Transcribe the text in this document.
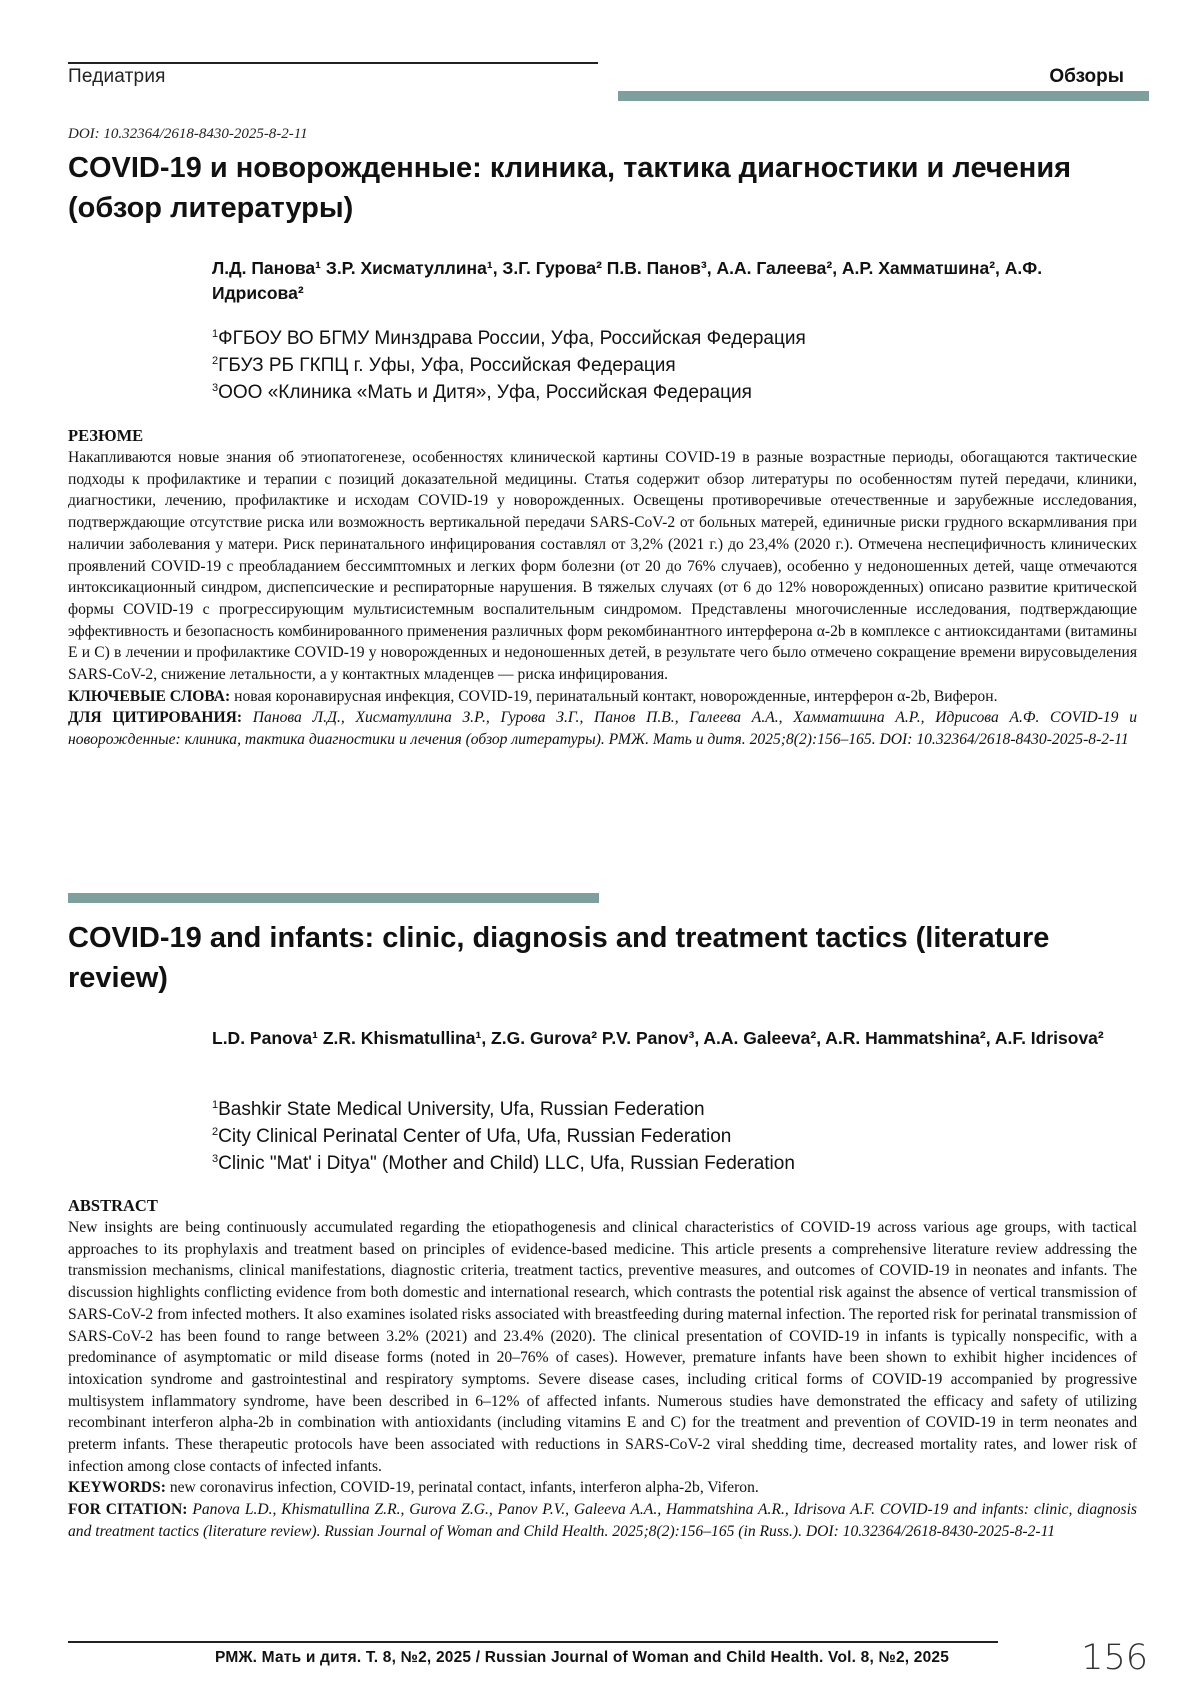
Педиатрия	Обзоры
DOI: 10.32364/2618-8430-2025-8-2-11
COVID-19 и новорожденные: клиника, тактика диагностики и лечения (обзор литературы)
Л.Д. Панова¹ З.Р. Хисматуллина¹, З.Г. Гурова² П.В. Панов³, А.А. Галеева², А.Р. Хамматшина², А.Ф. Идрисова²
$^1$ФГБОУ ВО БГМУ Минздрава России, Уфа, Российская Федерация
$^2$ГБУЗ РБ ГКПЦ г. Уфы, Уфа, Российская Федерация
$^3$ООО «Клиника «Мать и Дитя», Уфа, Российская Федерация
РЕЗЮМЕ
Накапливаются новые знания об этиопатогенезе, особенностях клинической картины COVID-19 в разные возрастные периоды, обогащаются тактические подходы к профилактике и терапии с позиций доказательной медицины. Статья содержит обзор литературы по особенностям путей передачи, клиники, диагностики, лечению, профилактике и исходам COVID-19 у новорожденных. Освещены противоречивые отечественные и зарубежные исследования, подтверждающие отсутствие риска или возможность вертикальной передачи SARS-CoV-2 от больных матерей, единичные риски грудного вскармливания при наличии заболевания у матери. Риск перинатального инфицирования составлял от 3,2% (2021 г.) до 23,4% (2020 г.). Отмечена неспецифичность клинических проявлений COVID-19 с преобладанием бессимптомных и легких форм болезни (от 20 до 76% случаев), особенно у недоношенных детей, чаще отмечаются интоксикационный синдром, диспепсические и респираторные нарушения. В тяжелых случаях (от 6 до 12% новорожденных) описано развитие критической формы COVID-19 с прогрессирующим мультисистемным воспалительным синдромом. Представлены многочисленные исследования, подтверждающие эффективность и безопасность комбинированного применения различных форм рекомбинантного интерферона α-2b в комплексе с антиоксидантами (витамины Е и С) в лечении и профилактике COVID-19 у новорожденных и недоношенных детей, в результате чего было отмечено сокращение времени вирусовыделения SARS-CoV-2, снижение летальности, а у контактных младенцев — риска инфицирования.
КЛЮЧЕВЫЕ СЛОВА: новая коронавирусная инфекция, COVID-19, перинатальный контакт, новорожденные, интерферон α-2b, Виферон.
ДЛЯ ЦИТИРОВАНИЯ: Панова Л.Д., Хисматуллина З.Р., Гурова З.Г., Панов П.В., Галеева А.А., Хамматшина А.Р., Идрисова А.Ф. COVID-19 и новорожденные: клиника, тактика диагностики и лечения (обзор литературы). РМЖ. Мать и дитя. 2025;8(2):156–165. DOI: 10.32364/2618-8430-2025-8-2-11
COVID-19 and infants: clinic, diagnosis and treatment tactics (literature review)
L.D. Panova¹ Z.R. Khismatullina¹, Z.G. Gurova² P.V. Panov³, A.A. Galeeva², A.R. Hammatshina², A.F. Idrisova²
$^1$Bashkir State Medical University, Ufa, Russian Federation
$^2$City Clinical Perinatal Center of Ufa, Ufa, Russian Federation
$^3$Clinic "Mat' i Ditya" (Mother and Child) LLC, Ufa, Russian Federation
ABSTRACT
New insights are being continuously accumulated regarding the etiopathogenesis and clinical characteristics of COVID-19 across various age groups, with tactical approaches to its prophylaxis and treatment based on principles of evidence-based medicine. This article presents a comprehensive literature review addressing the transmission mechanisms, clinical manifestations, diagnostic criteria, treatment tactics, preventive measures, and outcomes of COVID-19 in neonates and infants. The discussion highlights conflicting evidence from both domestic and international research, which contrasts the potential risk against the absence of vertical transmission of SARS-CoV-2 from infected mothers. It also examines isolated risks associated with breastfeeding during maternal infection. The reported risk for perinatal transmission of SARS-CoV-2 has been found to range between 3.2% (2021) and 23.4% (2020). The clinical presentation of COVID-19 in infants is typically nonspecific, with a predominance of asymptomatic or mild disease forms (noted in 20–76% of cases). However, premature infants have been shown to exhibit higher incidences of intoxication syndrome and gastrointestinal and respiratory symptoms. Severe disease cases, including critical forms of COVID-19 accompanied by progressive multisystem inflammatory syndrome, have been described in 6–12% of affected infants. Numerous studies have demonstrated the efficacy and safety of utilizing recombinant interferon alpha-2b in combination with antioxidants (including vitamins E and C) for the treatment and prevention of COVID-19 in term neonates and preterm infants. These therapeutic protocols have been associated with reductions in SARS-CoV-2 viral shedding time, decreased mortality rates, and lower risk of infection among close contacts of infected infants.
KEYWORDS: new coronavirus infection, COVID-19, perinatal contact, infants, interferon alpha-2b, Viferon.
FOR CITATION: Panova L.D., Khismatullina Z.R., Gurova Z.G., Panov P.V., Galeeva A.A., Hammatshina A.R., Idrisova A.F. COVID-19 and infants: clinic, diagnosis and treatment tactics (literature review). Russian Journal of Woman and Child Health. 2025;8(2):156–165 (in Russ.). DOI: 10.32364/2618-8430-2025-8-2-11
РМЖ. Мать и дитя. Т. 8, №2, 2025 / Russian Journal of Woman and Child Health. Vol. 8, №2, 2025	156
